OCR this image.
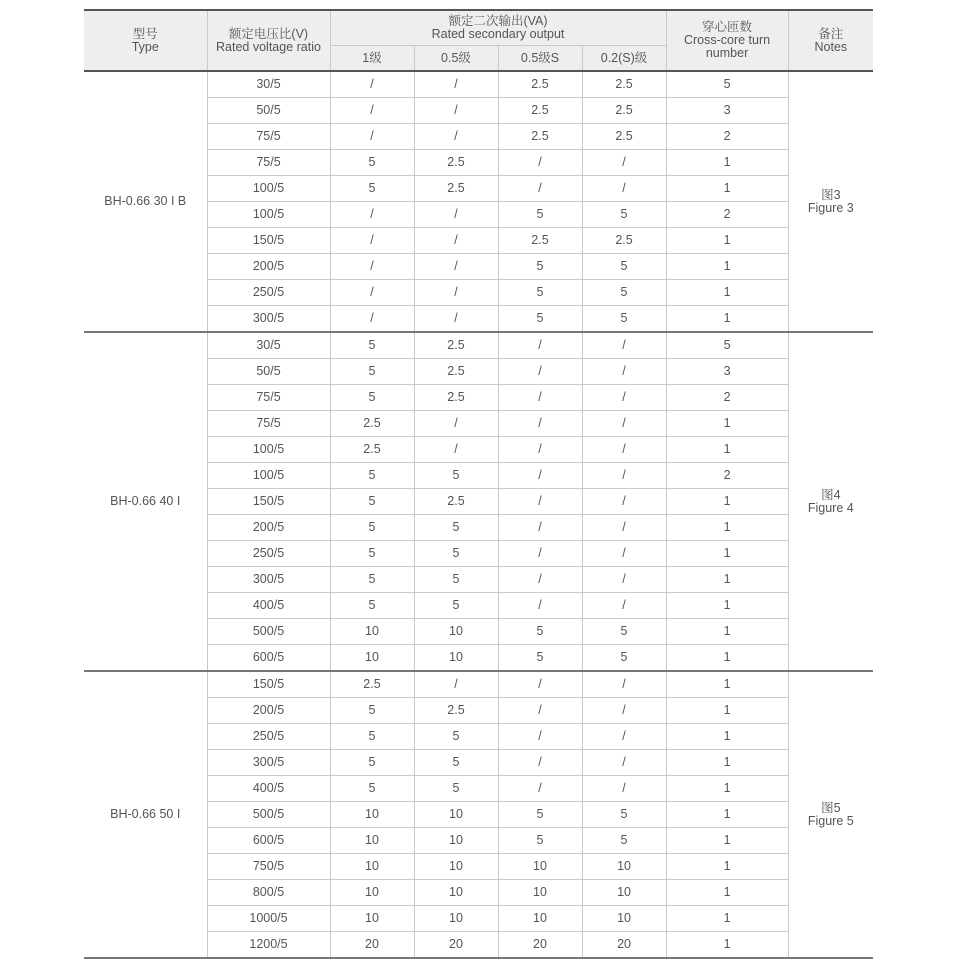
型号
Type	额定电压比(V)
Rated voltage ratio	额定二次输出(VA)
Rated secondary output				穿心匝数
Cross-core turn number	备注
Notes

		1级	0.5级	0.5级S	0.2(S)级		
BH-0.66 30 I B	30/5	/	/	2.5	2.5	5	图3
Figure 3

	50/5	/	/	2.5	2.5	3	
	75/5	/	/	2.5	2.5	2	
	75/5	5	2.5	/	/	1	
	100/5	5	2.5	/	/	1	
	100/5	/	/	5	5	2	
	150/5	/	/	2.5	2.5	1	
	200/5	/	/	5	5	1	
	250/5	/	/	5	5	1	
	300/5	/	/	5	5	1	
BH-0.66 40 I	30/5	5	2.5	/	/	5	图4
Figure 4

	50/5	5	2.5	/	/	3	
	75/5	5	2.5	/	/	2	
	75/5	2.5	/	/	/	1	
	100/5	2.5	/	/	/	1	
	100/5	5	5	/	/	2	
	150/5	5	2.5	/	/	1	
	200/5	5	5	/	/	1	
	250/5	5	5	/	/	1	
	300/5	5	5	/	/	1	
	400/5	5	5	/	/	1	
	500/5	10	10	5	5	1	
	600/5	10	10	5	5	1	
BH-0.66 50 I	150/5	2.5	/	/	/	1	图5
Figure 5

	200/5	5	2.5	/	/	1	
	250/5	5	5	/	/	1	
	300/5	5	5	/	/	1	
	400/5	5	5	/	/	1	
	500/5	10	10	5	5	1	
	600/5	10	10	5	5	1	
	750/5	10	10	10	10	1	
	800/5	10	10	10	10	1	
	1000/5	10	10	10	10	1	
	1200/5	20	20	20	20	1	
